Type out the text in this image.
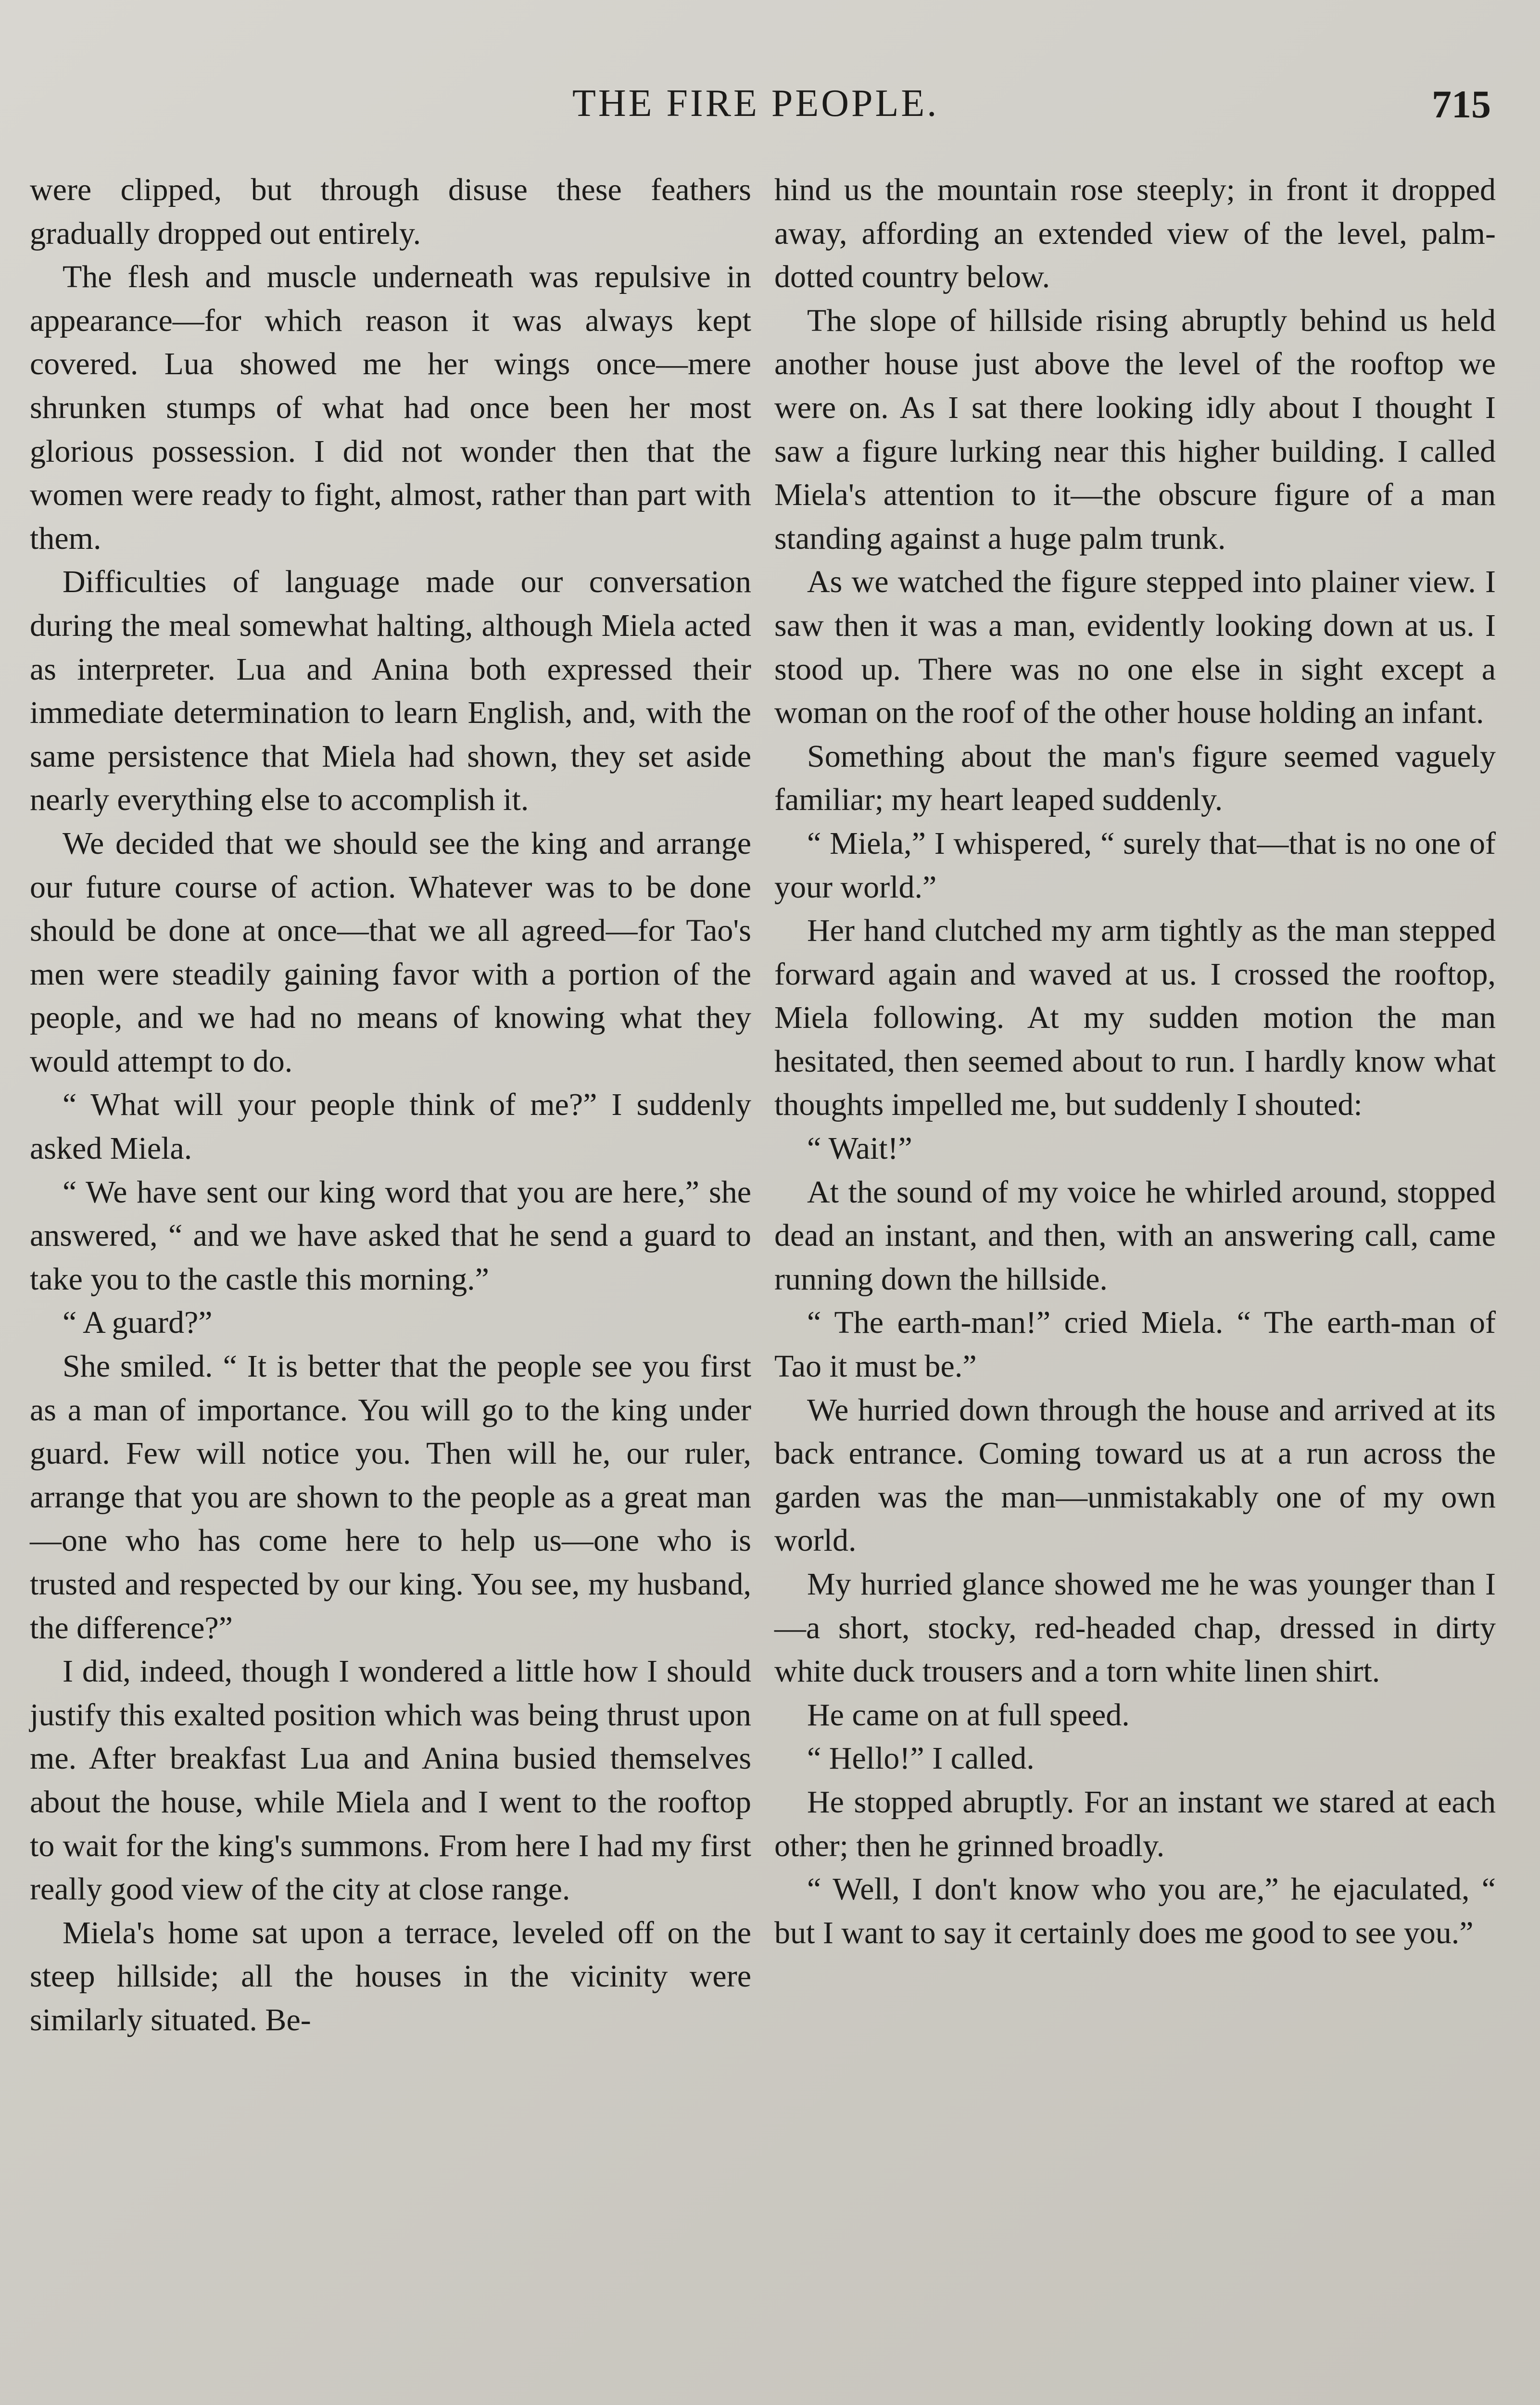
THE FIRE PEOPLE.	715

were clipped, but through disuse these feathers gradually dropped out entirely.

The flesh and muscle underneath was repulsive in appearance—for which reason it was always kept covered. Lua showed me her wings once—mere shrunken stumps of what had once been her most glorious possession. I did not wonder then that the women were ready to fight, almost, rather than part with them.

Difficulties of language made our conversation during the meal somewhat halting, although Miela acted as interpreter. Lua and Anina both expressed their immediate determination to learn English, and, with the same persistence that Miela had shown, they set aside nearly everything else to accomplish it.

We decided that we should see the king and arrange our future course of action. Whatever was to be done should be done at once—that we all agreed—for Tao's men were steadily gaining favor with a portion of the people, and we had no means of knowing what they would attempt to do.

“ What will your people think of me?” I suddenly asked Miela.

“ We have sent our king word that you are here,” she answered, “ and we have asked that he send a guard to take you to the castle this morning.”

“ A guard?”

She smiled. “ It is better that the people see you first as a man of importance. You will go to the king under guard. Few will notice you. Then will he, our ruler, arrange that you are shown to the people as a great man—one who has come here to help us—one who is trusted and respected by our king. You see, my husband, the difference?”

I did, indeed, though I wondered a little how I should justify this exalted position which was being thrust upon me. After breakfast Lua and Anina busied themselves about the house, while Miela and I went to the rooftop to wait for the king's summons. From here I had my first really good view of the city at close range.

Miela's home sat upon a terrace, leveled off on the steep hillside; all the houses in the vicinity were similarly situated. Be-

hind us the mountain rose steeply; in front it dropped away, affording an extended view of the level, palm-dotted country below.

The slope of hillside rising abruptly behind us held another house just above the level of the rooftop we were on. As I sat there looking idly about I thought I saw a figure lurking near this higher building. I called Miela's attention to it—the obscure figure of a man standing against a huge palm trunk.

As we watched the figure stepped into plainer view. I saw then it was a man, evidently looking down at us. I stood up. There was no one else in sight except a woman on the roof of the other house holding an infant.

Something about the man's figure seemed vaguely familiar; my heart leaped suddenly.

“ Miela,” I whispered, “ surely that—that is no one of your world.”

Her hand clutched my arm tightly as the man stepped forward again and waved at us. I crossed the rooftop, Miela following. At my sudden motion the man hesitated, then seemed about to run. I hardly know what thoughts impelled me, but suddenly I shouted:

“ Wait!”

At the sound of my voice he whirled around, stopped dead an instant, and then, with an answering call, came running down the hillside.

“ The earth-man!” cried Miela. “ The earth-man of Tao it must be.”

We hurried down through the house and arrived at its back entrance. Coming toward us at a run across the garden was the man—unmistakably one of my own world.

My hurried glance showed me he was younger than I—a short, stocky, red-headed chap, dressed in dirty white duck trousers and a torn white linen shirt.

He came on at full speed.

“ Hello!” I called.

He stopped abruptly. For an instant we stared at each other; then he grinned broadly.

“ Well, I don't know who you are,” he ejaculated, “ but I want to say it certainly does me good to see you.”
